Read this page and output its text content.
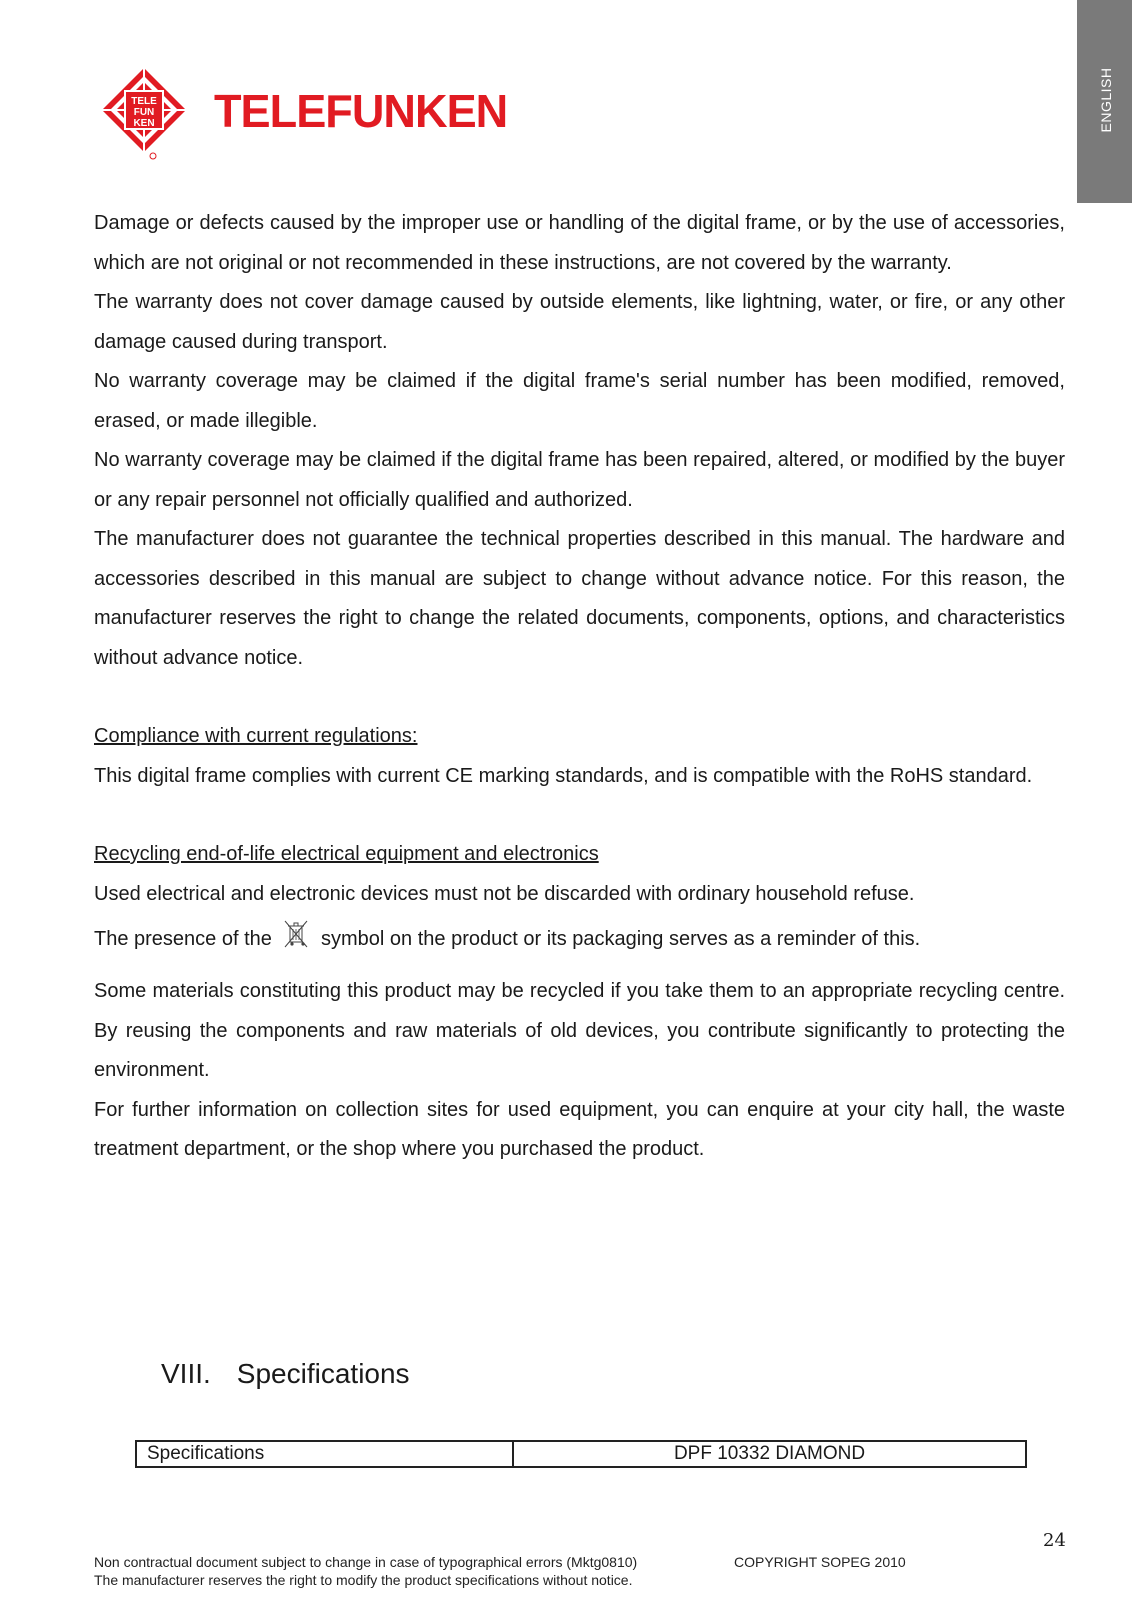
ENGLISH
TELE
FUN
KEN TELEFUNKEN

Damage or defects caused by the improper use or handling of the digital frame, or by the use of accessories, which are not original or not recommended in these instructions, are not covered by the warranty.

The warranty does not cover damage caused by outside elements, like lightning, water, or fire, or any other damage caused during transport.

No warranty coverage may be claimed if the digital frame's serial number has been modified, removed, erased, or made illegible.

No warranty coverage may be claimed if the digital frame has been repaired, altered, or modified by the buyer or any repair personnel not officially qualified and authorized.

The manufacturer does not guarantee the technical properties described in this manual. The hardware and accessories described in this manual are subject to change without advance notice. For this reason, the manufacturer reserves the right to change the related documents, components, options, and characteristics without advance notice.

Compliance with current regulations:

This digital frame complies with current CE marking standards, and is compatible with the RoHS standard.

Recycling end-of-life electrical equipment and electronics

Used electrical and electronic devices must not be discarded with ordinary household refuse.

The presence of the symbol on the product or its packaging serves as a reminder of this.

Some materials constituting this product may be recycled if you take them to an appropriate recycling centre. By reusing the components and raw materials of old devices, you contribute significantly to protecting the environment.

For further information on collection sites for used equipment, you can enquire at your city hall, the waste treatment department, or the shop where you purchased the product.

VIII. Specifications
Specifications	DPF 10332 DIAMOND
24
Non contractual document subject to change in case of typographical errors (Mktg0810)
The manufacturer reserves the right to modify the product specifications without notice.
COPYRIGHT SOPEG 2010
